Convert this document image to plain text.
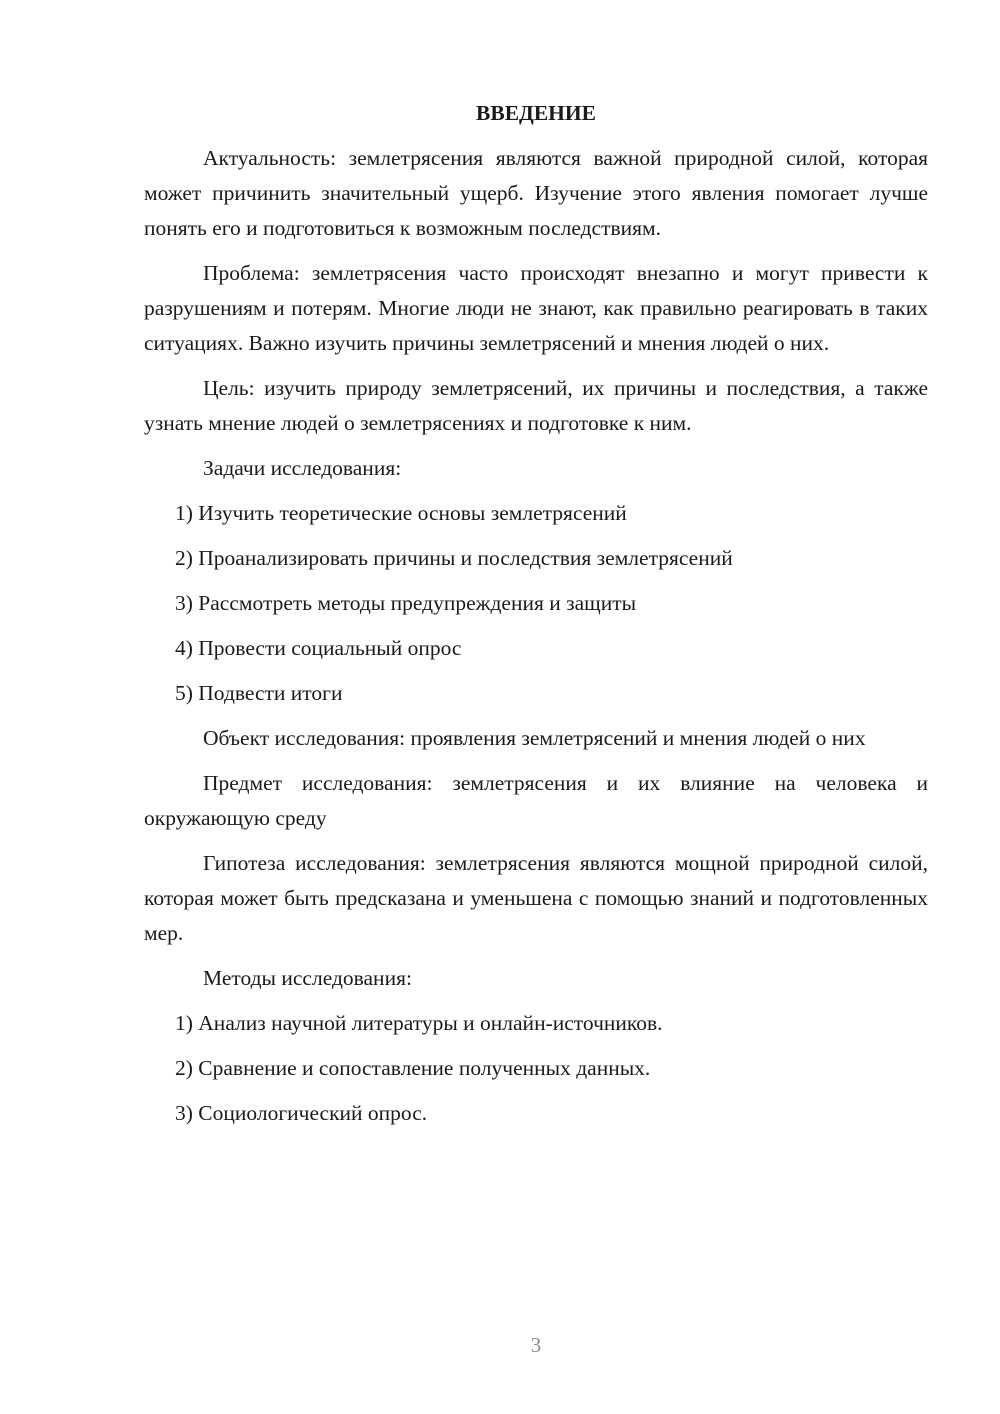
ВВЕДЕНИЕ

Актуальность: землетрясения являются важной природной силой, которая может причинить значительный ущерб. Изучение этого явления помогает лучше понять его и подготовиться к возможным последствиям.

Проблема: землетрясения часто происходят внезапно и могут привести к разрушениям и потерям. Многие люди не знают, как правильно реагировать в таких ситуациях. Важно изучить причины землетрясений и мнения людей о них.

Цель: изучить природу землетрясений, их причины и последствия, а также узнать мнение людей о землетрясениях и подготовке к ним.

Задачи исследования:

1) Изучить теоретические основы землетрясений

2) Проанализировать причины и последствия землетрясений

3) Рассмотреть методы предупреждения и защиты

4) Провести социальный опрос

5) Подвести итоги

Объект исследования: проявления землетрясений и мнения людей о них

Предмет исследования: землетрясения и их влияние на человека и окружающую среду

Гипотеза исследования: землетрясения являются мощной природной силой, которая может быть предсказана и уменьшена с помощью знаний и подготовленных мер.

Методы исследования:

1) Анализ научной литературы и онлайн-источников.

2) Сравнение и сопоставление полученных данных.

3) Социологический опрос.

3
